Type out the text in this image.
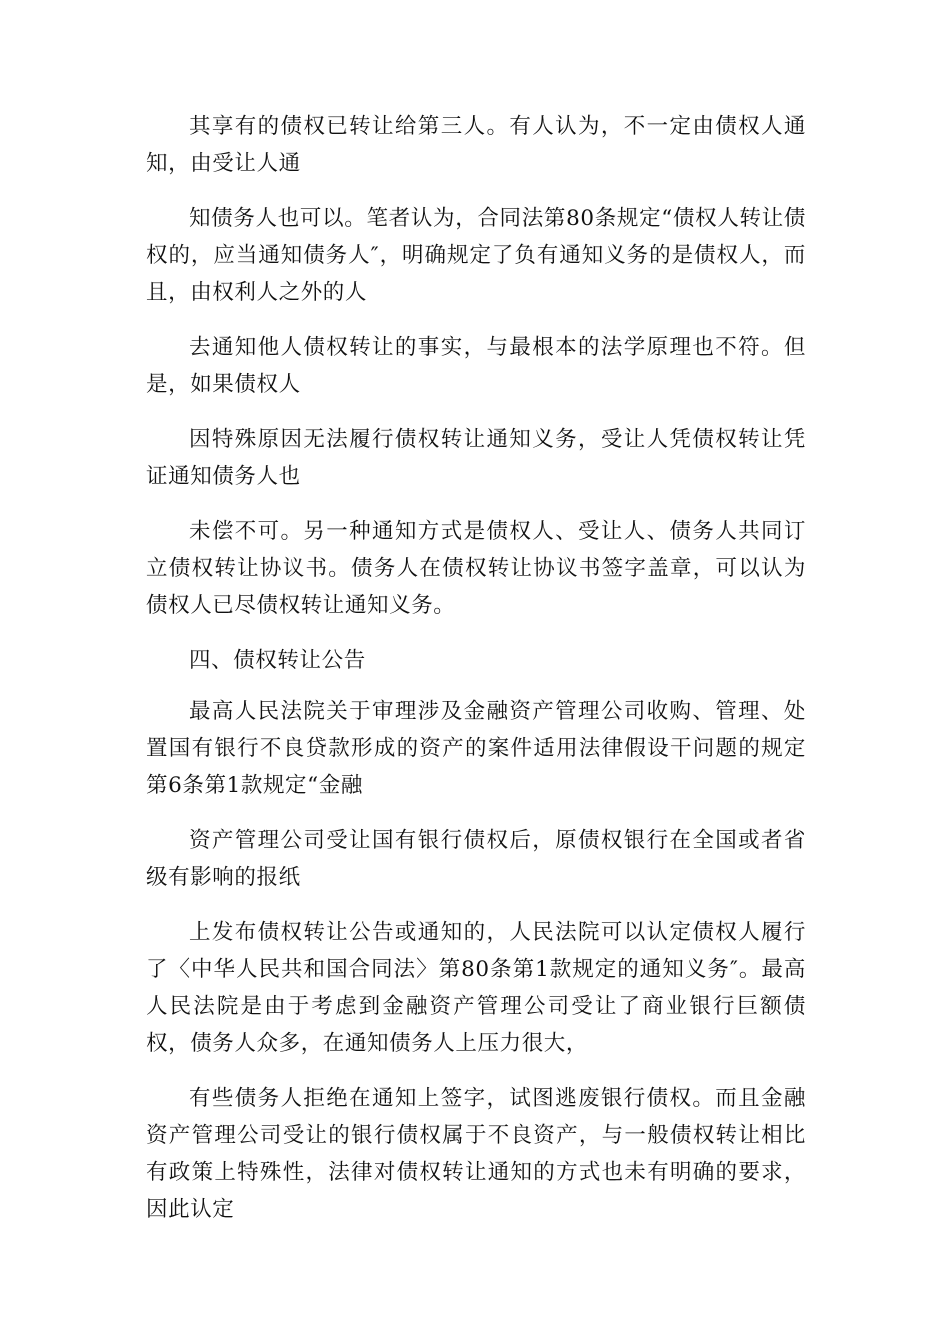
其享有的债权已转让给第三人。有人认为，不一定由债权人通知，由受让人通

知债务人也可以。笔者认为，合同法第80条规定“债权人转让债权的，应当通知债务人″，明确规定了负有通知义务的是债权人，而且，由权利人之外的人

去通知他人债权转让的事实，与最根本的法学原理也不符。但是，如果债权人

因特殊原因无法履行债权转让通知义务，受让人凭债权转让凭证通知债务人也

未偿不可。另一种通知方式是债权人、受让人、债务人共同订立债权转让协议书。债务人在债权转让协议书签字盖章，可以认为债权人已尽债权转让通知义务。

四、债权转让公告

最高人民法院关于审理涉及金融资产管理公司收购、管理、处置国有银行不良贷款形成的资产的案件适用法律假设干问题的规定第6条第1款规定“金融

资产管理公司受让国有银行债权后，原债权银行在全国或者省级有影响的报纸

上发布债权转让公告或通知的，人民法院可以认定债权人履行了〈中华人民共和国合同法〉第80条第1款规定的通知义务″。最高人民法院是由于考虑到金融资产管理公司受让了商业银行巨额债权，债务人众多，在通知债务人上压力很大，

有些债务人拒绝在通知上签字，试图逃废银行债权。而且金融资产管理公司受让的银行债权属于不良资产，与一般债权转让相比有政策上特殊性，法律对债权转让通知的方式也未有明确的要求，因此认定
